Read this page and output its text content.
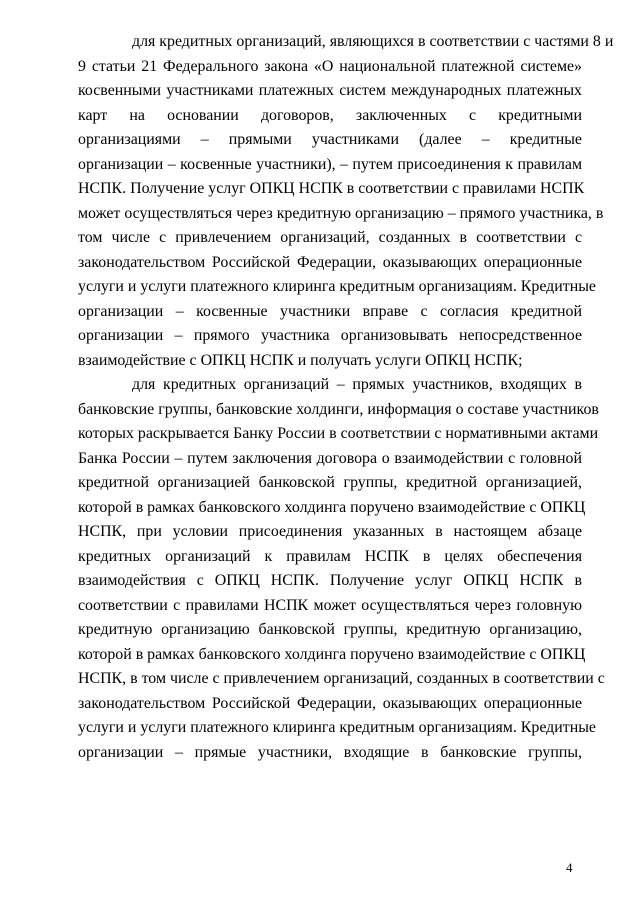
для кредитных организаций, являющихся в соответствии с частями 8 и
9 статьи 21 Федерального закона «О национальной платежной системе»
косвенными участниками платежных систем международных платежных
карт на основании договоров, заключенных с кредитными
организациями – прямыми участниками (далее – кредитные
организации – косвенные участники), – путем присоединения к правилам
НСПК. Получение услуг ОПКЦ НСПК в соответствии с правилами НСПК
может осуществляться через кредитную организацию – прямого участника, в
том числе с привлечением организаций, созданных в соответствии с
законодательством Российской Федерации, оказывающих операционные
услуги и услуги платежного клиринга кредитным организациям. Кредитные
организации – косвенные участники вправе с согласия кредитной
организации – прямого участника организовывать непосредственное
взаимодействие с ОПКЦ НСПК и получать услуги ОПКЦ НСПК;
для кредитных организаций – прямых участников, входящих в
банковские группы, банковские холдинги, информация о составе участников
которых раскрывается Банку России в соответствии с нормативными актами
Банка России – путем заключения договора о взаимодействии с головной
кредитной организацией банковской группы, кредитной организацией,
которой в рамках банковского холдинга поручено взаимодействие с ОПКЦ
НСПК, при условии присоединения указанных в настоящем абзаце
кредитных организаций к правилам НСПК в целях обеспечения
взаимодействия с ОПКЦ НСПК. Получение услуг ОПКЦ НСПК в
соответствии с правилами НСПК может осуществляться через головную
кредитную организацию банковской группы, кредитную организацию,
которой в рамках банковского холдинга поручено взаимодействие с ОПКЦ
НСПК, в том числе с привлечением организаций, созданных в соответствии с
законодательством Российской Федерации, оказывающих операционные
услуги и услуги платежного клиринга кредитным организациям. Кредитные
организации – прямые участники, входящие в банковские группы,
4
